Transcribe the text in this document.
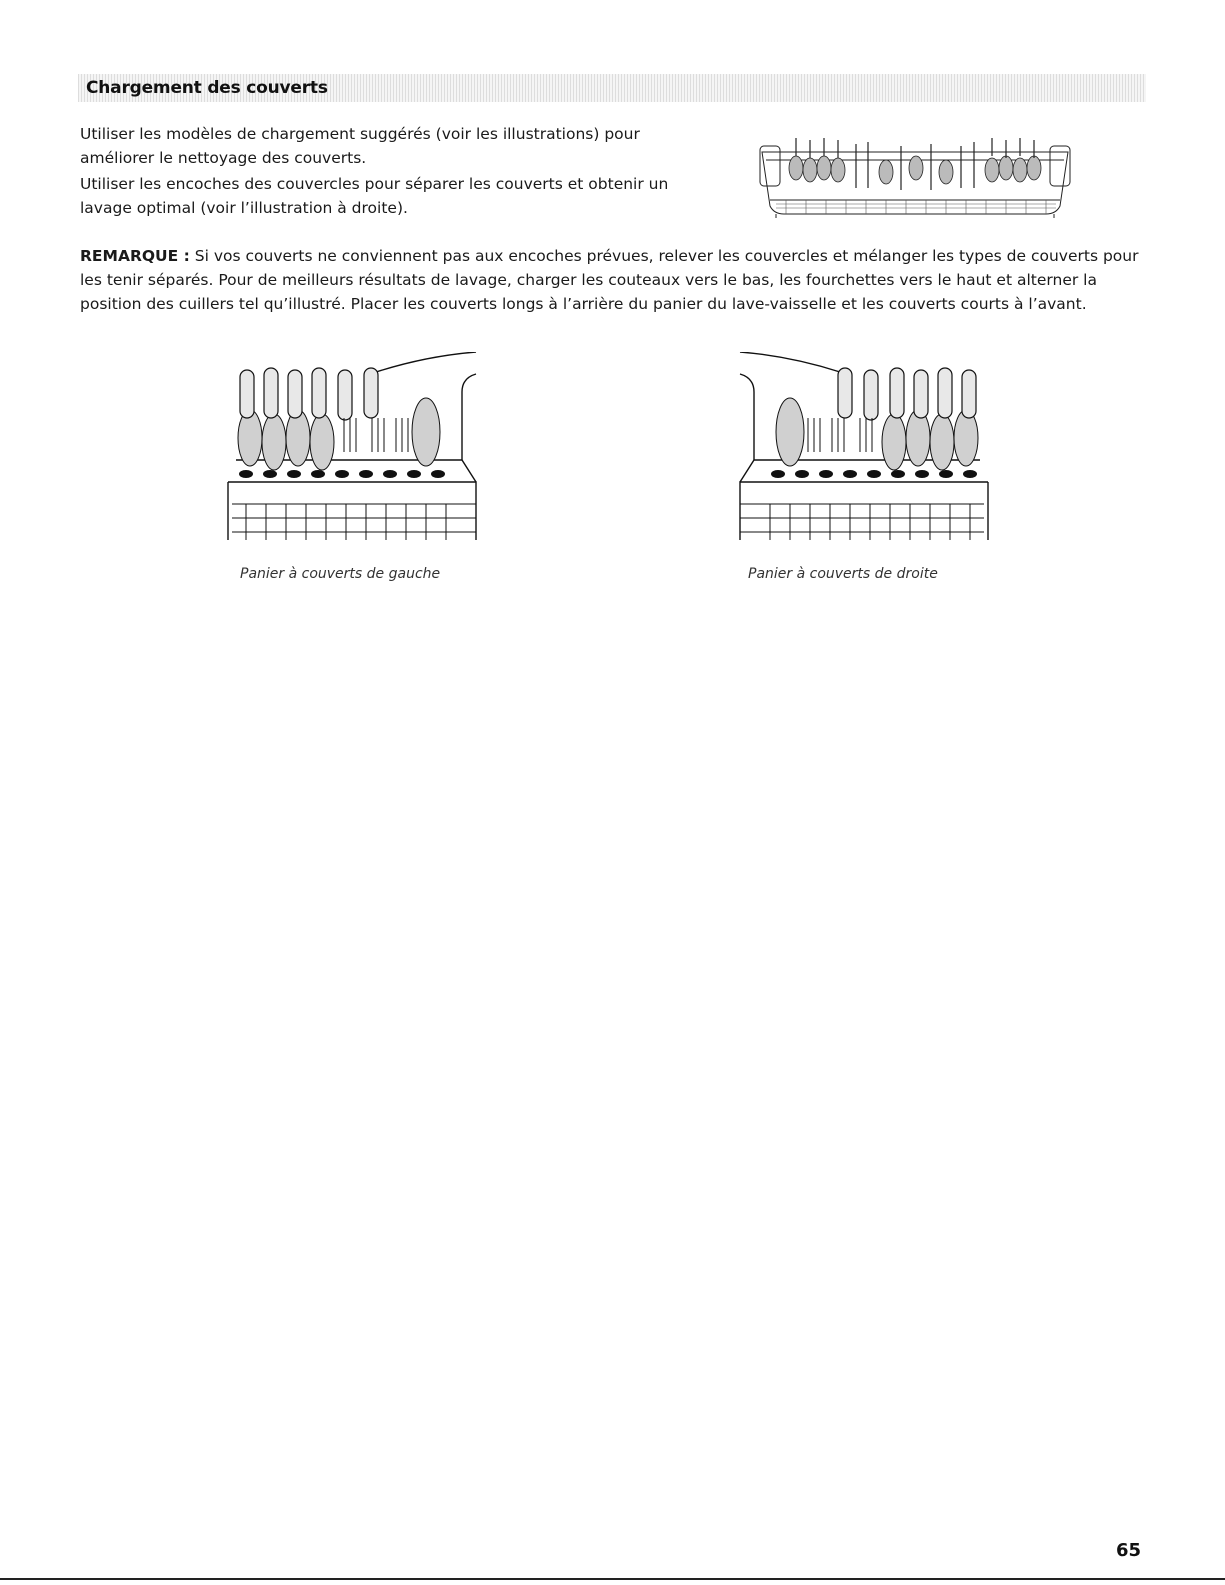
Chargement des couverts

Utiliser les modèles de chargement suggérés (voir les illustrations) pour améliorer le nettoyage des couverts.

Utiliser les encoches des couvercles pour séparer les couverts et obtenir un lavage optimal (voir l’illustration à droite).

REMARQUE : Si vos couverts ne conviennent pas aux encoches prévues, relever les couvercles et mélanger les types de couverts pour les tenir séparés. Pour de meilleurs résultats de lavage, charger les couteaux vers le bas, les fourchettes vers le haut et alterner la position des cuillers tel qu’illustré. Placer les couverts longs à l’arrière du panier du lave-vaisselle et les couverts courts à l’avant.

Panier à couverts de gauche	Panier à couverts de droite
65
